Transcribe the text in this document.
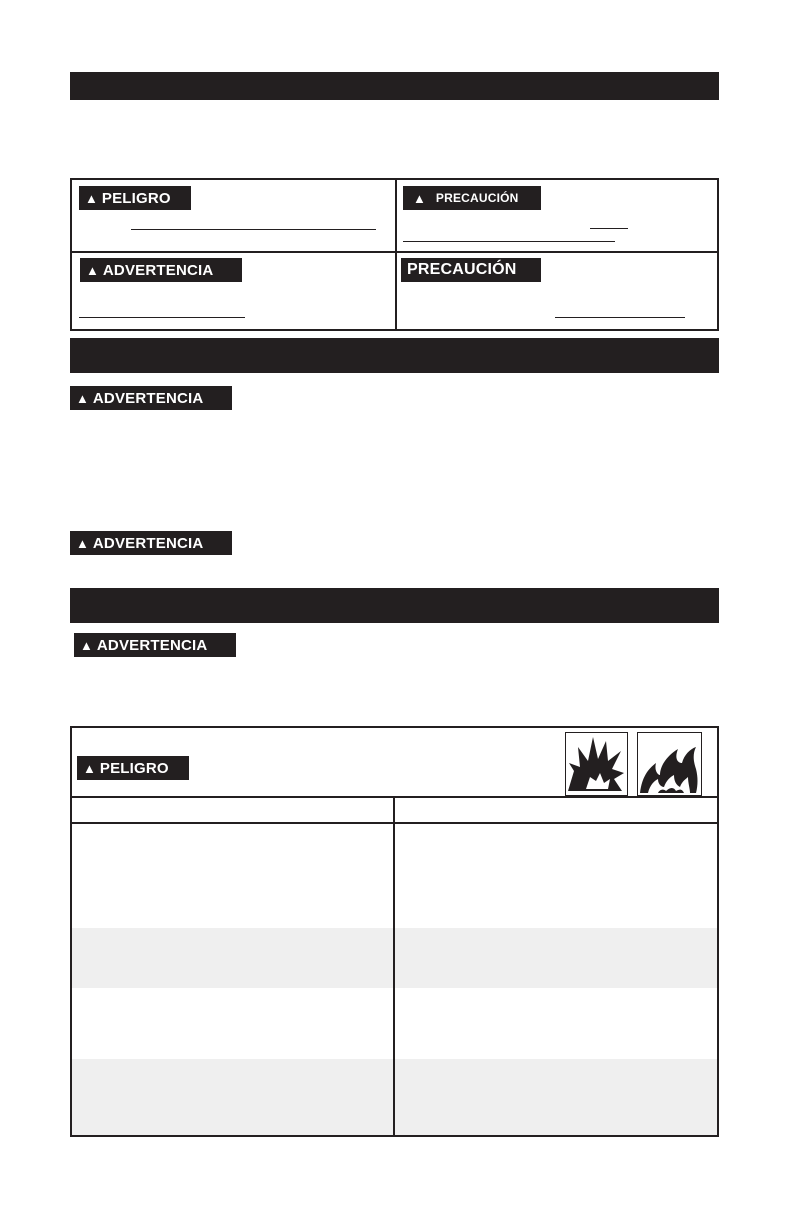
▲ PELIGRO	▲ PRECAUCIÓN
▲ ADVERTENCIA	PRECAUCIÓN
▲ ADVERTENCIA
▲ ADVERTENCIA
▲ ADVERTENCIA
▲ PELIGRO
